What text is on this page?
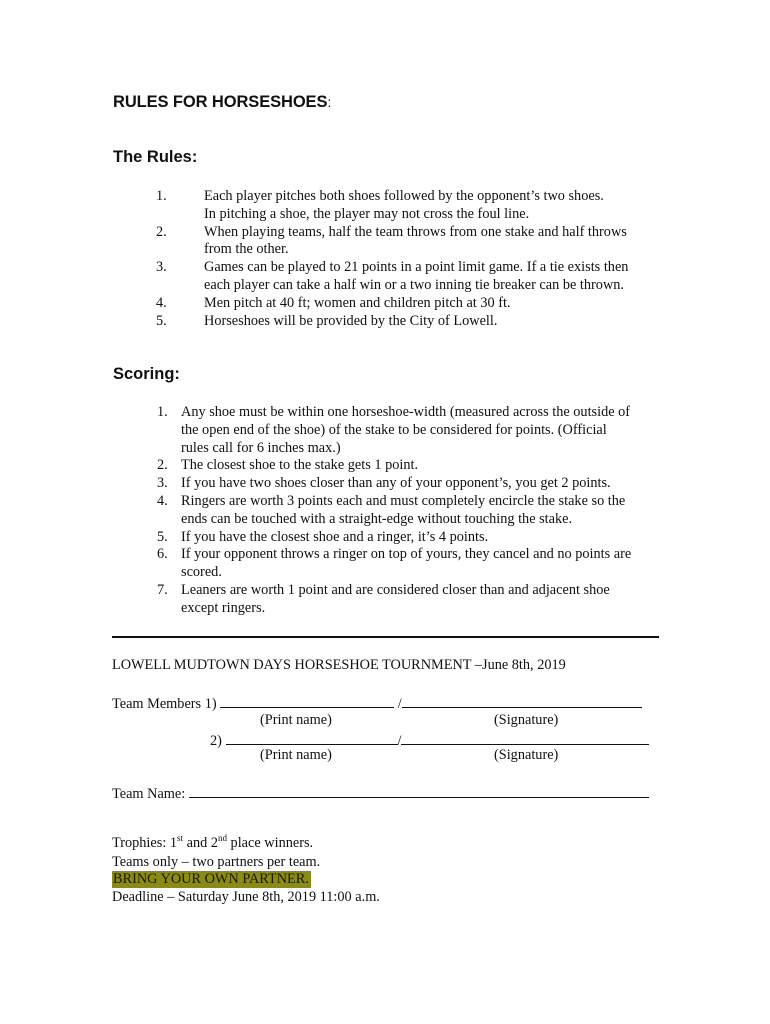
RULES FOR HORSESHOES:
The Rules:
1.	Each player pitches both shoes followed by the opponent’s two shoes.
In pitching a shoe, the player may not cross the foul line.
2.	When playing teams, half the team throws from one stake and half throws
from the other.
3.	Games can be played to 21 points in a point limit game. If a tie exists then
each player can take a half win or a two inning tie breaker can be thrown.
4.	Men pitch at 40 ft; women and children pitch at 30 ft.
5.	Horseshoes will be provided by the City of Lowell.
Scoring:
1. Any shoe must be within one horseshoe-width (measured across the outside of
the open end of the shoe) of the stake to be considered for points. (Official
rules call for 6 inches max.)
2. The closest shoe to the stake gets 1 point.
3. If you have two shoes closer than any of your opponent’s, you get 2 points.
4. Ringers are worth 3 points each and must completely encircle the stake so the
ends can be touched with a straight-edge without touching the stake.
5. If you have the closest shoe and a ringer, it’s 4 points.
6. If your opponent throws a ringer on top of yours, they cancel and no points are
scored.
7. Leaners are worth 1 point and are considered closer than and adjacent shoe
except ringers.
LOWELL MUDTOWN DAYS HORSESHOE TOURNMENT –June 8th, 2019
Team Members 1)	/
(Print name)	(Signature)
2)	/
(Print name)	(Signature)
Team Name:
Trophies: 1st and 2nd place winners.
Teams only – two partners per team.
BRING YOUR OWN PARTNER.
Deadline – Saturday June 8th, 2019 11:00 a.m.
